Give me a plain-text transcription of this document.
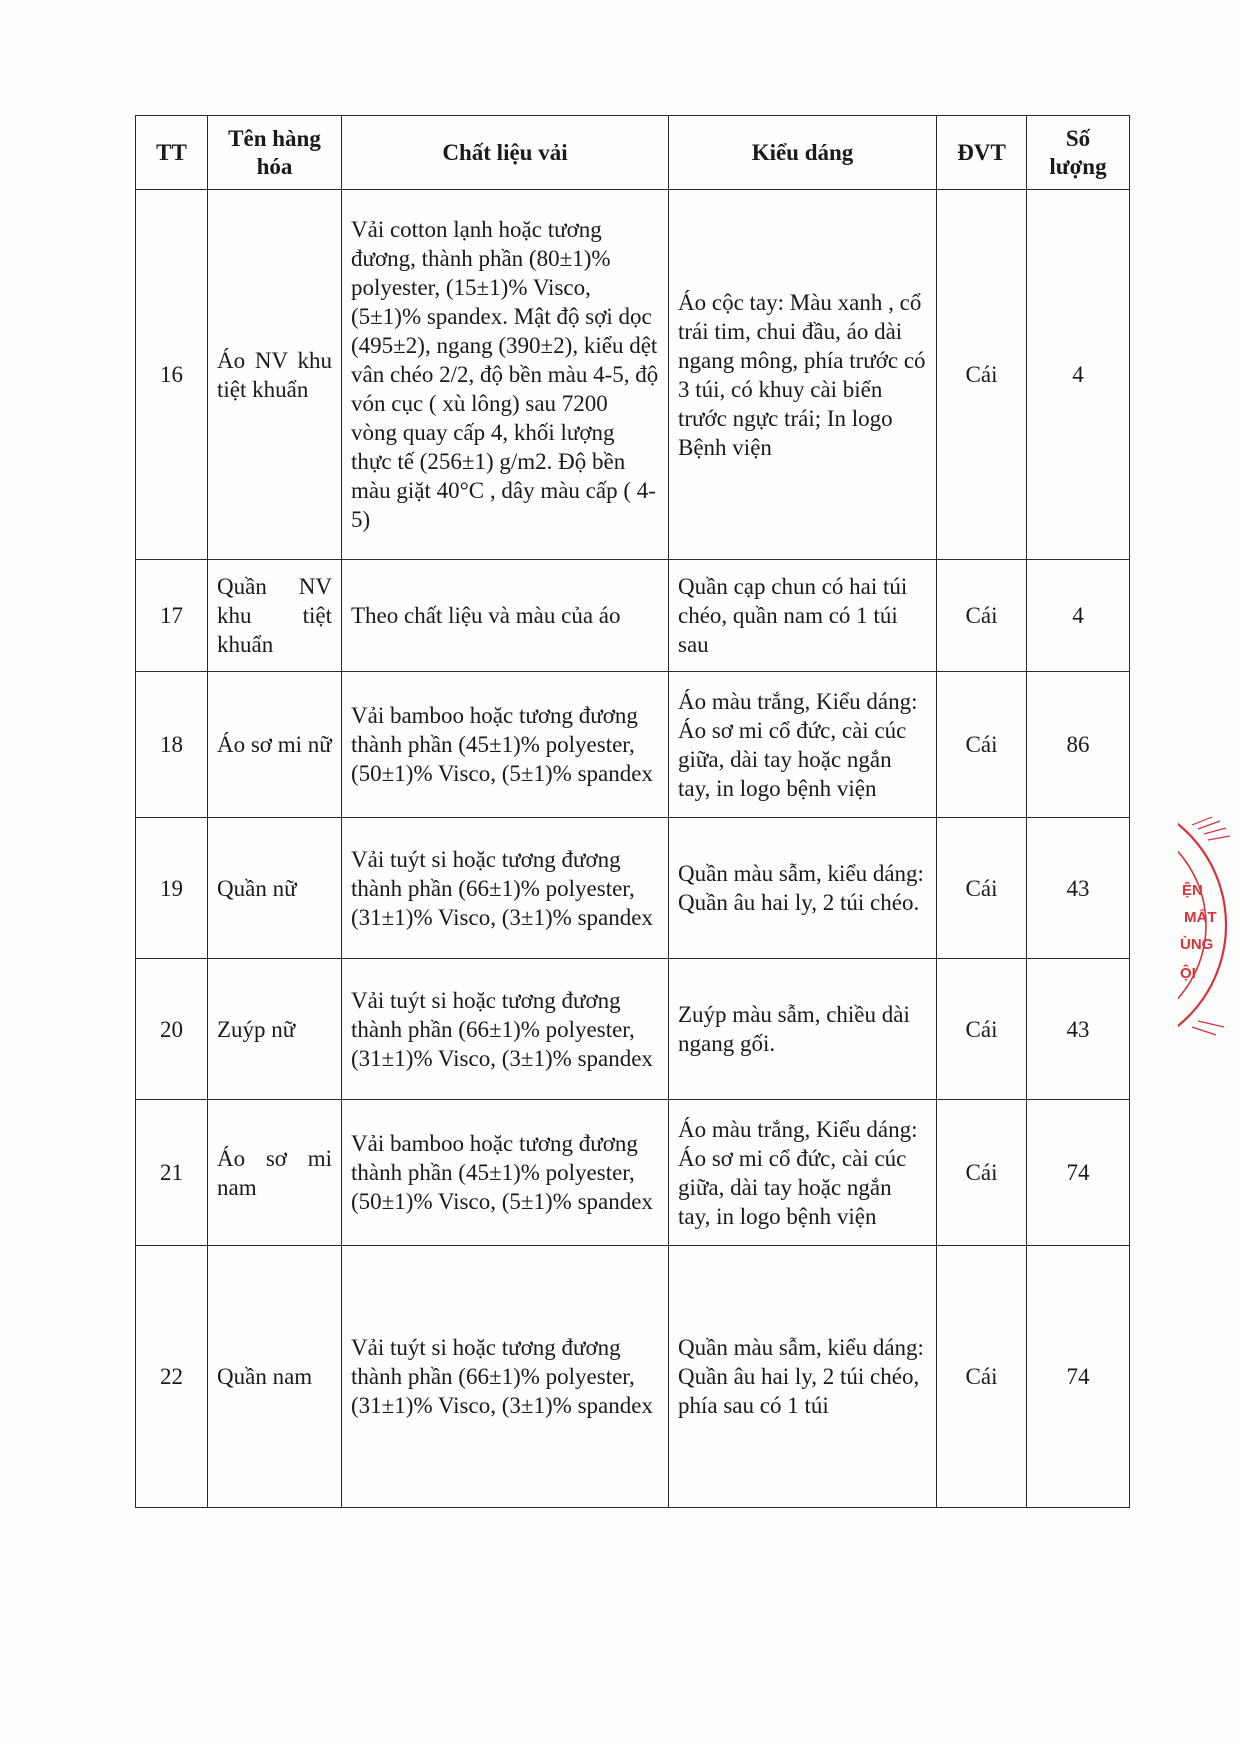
TT	Tên hàng hóa	Chất liệu vải	Kiểu dáng	ĐVT	Số lượng
16	Áo NV khu tiệt khuẩn	Vải cotton lạnh hoặc tương đương, thành phần (80±1)% polyester, (15±1)% Visco, (5±1)% spandex. Mật độ sợi dọc (495±2), ngang (390±2), kiểu dệt vân chéo 2/2, độ bền màu 4-5, độ vón cục ( xù lông) sau 7200 vòng quay cấp 4, khối lượng thực tế (256±1) g/m2. Độ bền màu giặt 40°C , dây màu cấp ( 4-5)	Áo cộc tay: Màu xanh , cổ trái tim, chui đầu, áo dài ngang mông, phía trước có 3 túi, có khuy cài biển trước ngực trái; In logo Bệnh viện	Cái	4
17	Quần NV khu tiệt khuẩn	Theo chất liệu và màu của áo	Quần cạp chun có hai túi chéo, quần nam có 1 túi sau	Cái	4
18	Áo sơ mi nữ	Vải bamboo hoặc tương đương thành phần (45±1)% polyester, (50±1)% Visco, (5±1)% spandex	Áo màu trắng, Kiểu dáng: Áo sơ mi cổ đức, cài cúc giữa, dài tay hoặc ngắn tay, in logo bệnh viện	Cái	86
19	Quần nữ	Vải tuýt si hoặc tương đương thành phần (66±1)% polyester, (31±1)% Visco, (3±1)% spandex	Quần màu sẫm, kiểu dáng: Quần âu hai ly, 2 túi chéo.	Cái	43
20	Zuýp nữ	Vải tuýt si hoặc tương đương thành phần (66±1)% polyester, (31±1)% Visco, (3±1)% spandex	Zuýp màu sẫm, chiều dài ngang gối.	Cái	43
21	Áo sơ mi nam	Vải bamboo hoặc tương đương thành phần (45±1)% polyester, (50±1)% Visco, (5±1)% spandex	Áo màu trắng, Kiểu dáng: Áo sơ mi cổ đức, cài cúc giữa, dài tay hoặc ngắn tay, in logo bệnh viện	Cái	74
22	Quần nam	Vải tuýt si hoặc tương đương thành phần (66±1)% polyester, (31±1)% Visco, (3±1)% spandex	Quần màu sẫm, kiểu dáng: Quần âu hai ly, 2 túi chéo, phía sau có 1 túi	Cái	74
ỆN
MẮT
ÙNG
ỘI
